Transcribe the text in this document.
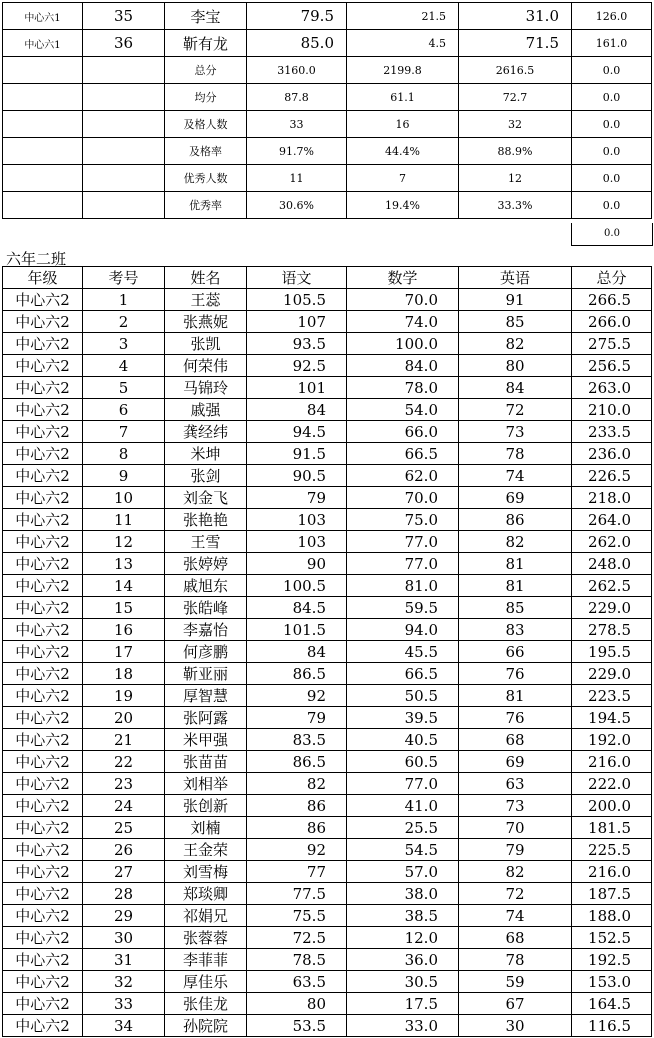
中心六1	35	李宝	79.5	21.5	31.0	126.0
中心六1	36	靳有龙	85.0	4.5	71.5	161.0
		总分	3160.0	2199.8	2616.5	0.0
		均分	87.8	61.1	72.7	0.0
		及格人数	33	16	32	0.0
		及格率	91.7%	44.4%	88.9%	0.0
		优秀人数	11	7	12	0.0
		优秀率	30.6%	19.4%	33.3%	0.0
0.0
六年二班
年级	考号	姓名	语文	数学	英语	总分
中心六2	1	王蕊	105.5	70.0	91	266.5
中心六2	2	张燕妮	107	74.0	85	266.0
中心六2	3	张凯	93.5	100.0	82	275.5
中心六2	4	何荣伟	92.5	84.0	80	256.5
中心六2	5	马锦玲	101	78.0	84	263.0
中心六2	6	戚强	84	54.0	72	210.0
中心六2	7	龚经纬	94.5	66.0	73	233.5
中心六2	8	米坤	91.5	66.5	78	236.0
中心六2	9	张剑	90.5	62.0	74	226.5
中心六2	10	刘金飞	79	70.0	69	218.0
中心六2	11	张艳艳	103	75.0	86	264.0
中心六2	12	王雪	103	77.0	82	262.0
中心六2	13	张婷婷	90	77.0	81	248.0
中心六2	14	戚旭东	100.5	81.0	81	262.5
中心六2	15	张皓峰	84.5	59.5	85	229.0
中心六2	16	李嘉怡	101.5	94.0	83	278.5
中心六2	17	何彦鹏	84	45.5	66	195.5
中心六2	18	靳亚丽	86.5	66.5	76	229.0
中心六2	19	厚智慧	92	50.5	81	223.5
中心六2	20	张阿露	79	39.5	76	194.5
中心六2	21	米甲强	83.5	40.5	68	192.0
中心六2	22	张苗苗	86.5	60.5	69	216.0
中心六2	23	刘相举	82	77.0	63	222.0
中心六2	24	张创新	86	41.0	73	200.0
中心六2	25	刘楠	86	25.5	70	181.5
中心六2	26	王金荣	92	54.5	79	225.5
中心六2	27	刘雪梅	77	57.0	82	216.0
中心六2	28	郑琰卿	77.5	38.0	72	187.5
中心六2	29	祁娟兄	75.5	38.5	74	188.0
中心六2	30	张蓉蓉	72.5	12.0	68	152.5
中心六2	31	李菲菲	78.5	36.0	78	192.5
中心六2	32	厚佳乐	63.5	30.5	59	153.0
中心六2	33	张佳龙	80	17.5	67	164.5
中心六2	34	孙院院	53.5	33.0	30	116.5
